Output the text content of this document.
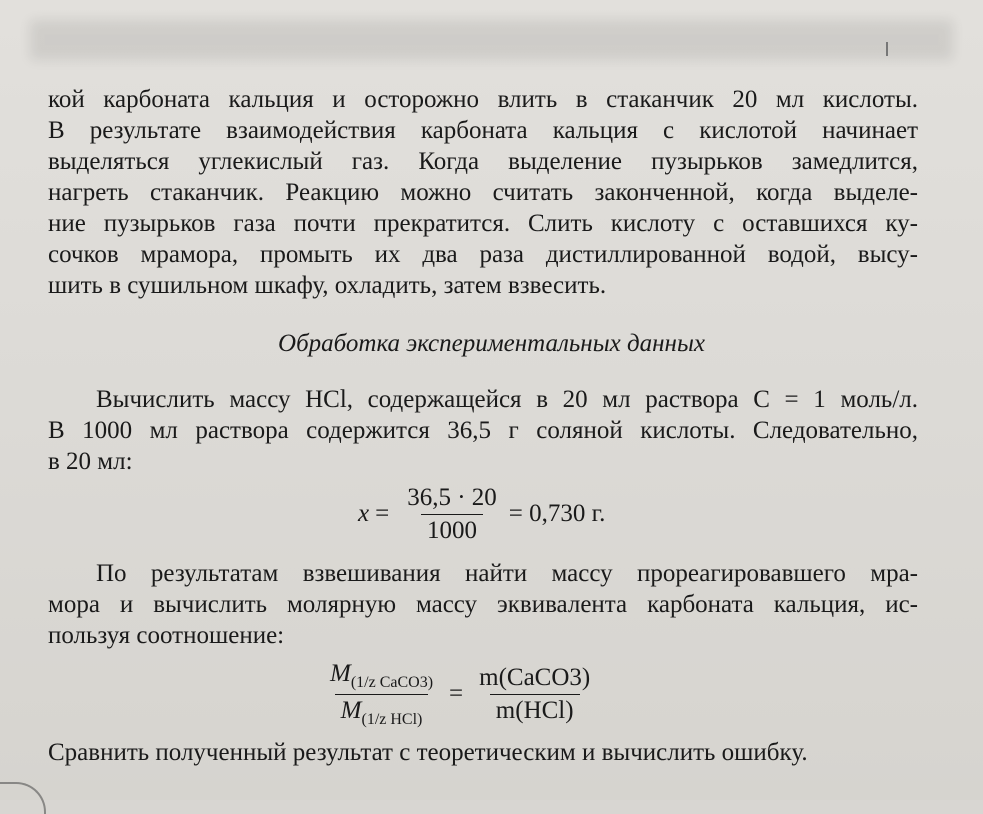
кой карбоната кальция и осторожно влить в стаканчик 20 мл кислоты.
В результате взаимодействия карбоната кальция с кислотой начинает
выделяться углекислый газ. Когда выделение пузырьков замедлится,
нагреть стаканчик. Реакцию можно считать законченной, когда выделе-
ние пузырьков газа почти прекратится. Слить кислоту с оставшихся ку-
сочков мрамора, промыть их два раза дистиллированной водой, высу-
шить в сушильном шкафу, охладить, затем взвесить.

Обработка экспериментальных данных

Вычислить массу HCl, содержащейся в 20 мл раствора C = 1 моль/л.
В 1000 мл раствора содержится 36,5 г соляной кислоты. Следовательно,
в 20 мл:

$x = \frac{36,5 \cdot 20}{1000} = 0,730$ г.

По результатам взвешивания найти массу прореагировавшего мра-
мора и вычислить молярную массу эквивалента карбоната кальция, ис-
пользуя соотношение:

$\frac{M_{(1/z CaCO3)}}{M_{(1/z HCl)}} = \frac{\text{m(CaCO3)}}{\text{m(HCl)}}$

Сравнить полученный результат с теоретическим и вычислить ошибку.
